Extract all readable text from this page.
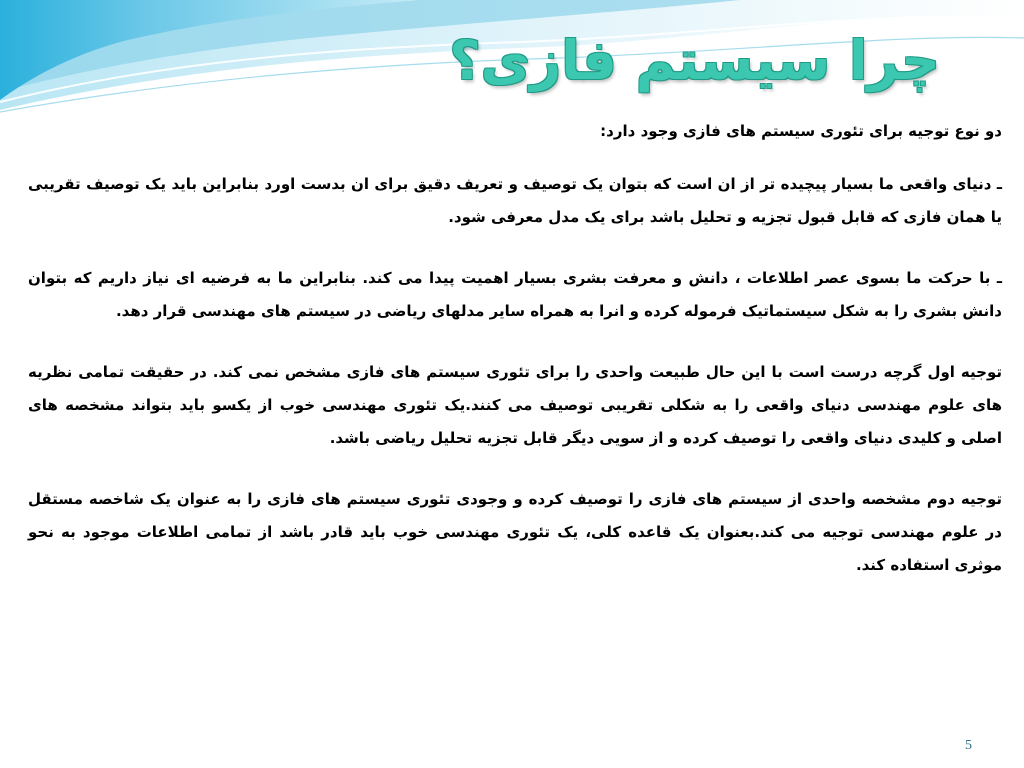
چرا سیستم فازی؟

دو نوع توجیه برای تئوری سیستم های فازی وجود دارد:

ـ دنیای واقعی ما بسیار پیچیده تر از ان است که بتوان یک توصیف و تعریف دقیق برای ان بدست اورد بنابراین باید یک توصیف تقریبی یا همان فازی که قابل قبول تجزیه و تحلیل باشد برای یک مدل معرفی شود.

ـ با حرکت ما بسوی عصر اطلاعات ، دانش و معرفت بشری بسیار اهمیت پیدا می کند. بنابراین ما به فرضیه ای نیاز داریم که بتوان دانش بشری را به شکل سیستماتیک فرموله کرده و انرا به همراه سایر مدلهای ریاضی در سیستم های مهندسی قرار دهد.

توجیه اول گرچه درست است با این حال طبیعت واحدی را برای تئوری سیستم های فازی مشخص نمی کند. در حقیقت تمامی نظریه های علوم مهندسی دنیای واقعی را به شکلی تقریبی توصیف می کنند.یک تئوری مهندسی خوب از یکسو باید بتواند مشخصه های اصلی و کلیدی دنیای واقعی را توصیف کرده و از سویی دیگر قابل تجزیه تحلیل ریاضی باشد.

توجیه دوم مشخصه واحدی از سیستم های فازی را توصیف کرده و وجودی تئوری سیستم های فازی را به عنوان یک شاخصه مستقل در علوم مهندسی توجیه می کند.بعنوان یک قاعده کلی، یک تئوری مهندسی خوب باید قادر باشد از تمامی اطلاعات موجود به نحو موثری استفاده کند.

5
